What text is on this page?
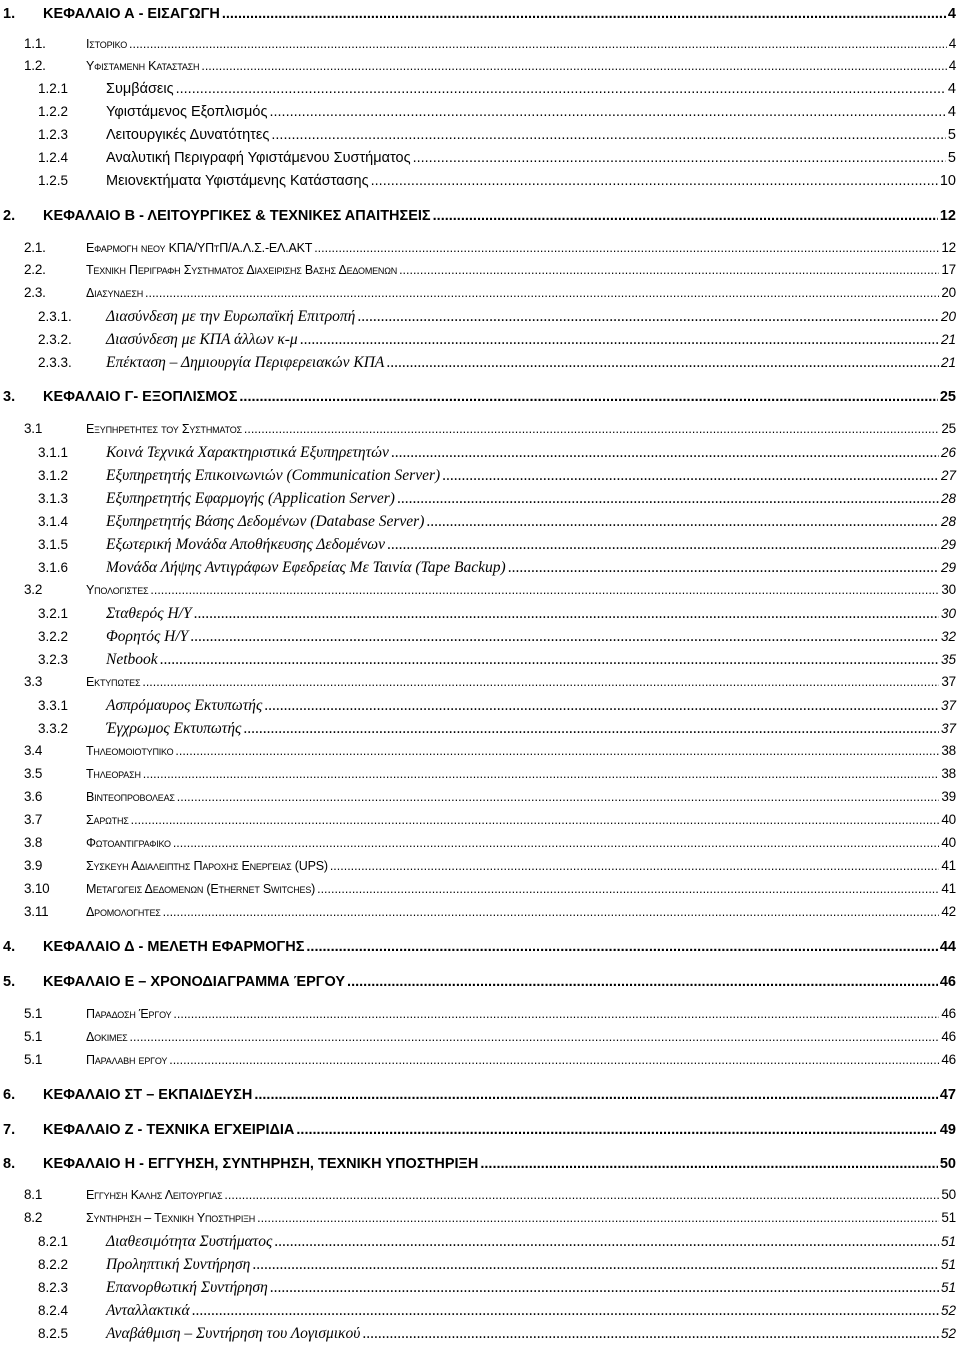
1.	ΚΕΦΑΛΑΙΟ Α - ΕΙΣΑΓΩΓΗ .....	4
1.1.	Ιστορικο .....	4
1.2.	Υφισταμενη Κατασταση .....	4
1.2.1	Συμβάσεις .....	4
1.2.2	Υφιστάμενος Εξοπλισμός .....	4
1.2.3	Λειτουργικές Δυνατότητες .....	5
1.2.4	Αναλυτική Περιγραφή Υφιστάμενου Συστήματος .....	5
1.2.5	Μειονεκτήματα Υφιστάμενης Κατάστασης .....	10
2.	ΚΕΦΑΛΑΙΟ Β - ΛΕΙΤΟΥΡΓΙΚΕΣ & ΤΕΧΝΙΚΕΣ ΑΠΑΙΤΗΣΕΙΣ .....	12
2.1.	Εφαρμογη νεου ΚΠΑ/ΥΠτΠ/Α.Λ.Σ.-ΕΛ.ΑΚΤ .....	12
2.2.	Τεχνικη Περιγραφη Συστηματος Διαχειρισης Βασης Δεδομενων .....	17
2.3.	Διασυνδεση .....	20
2.3.1.	Διασύνδεση με την Ευρωπαϊκή Επιτροπή .....	20
2.3.2.	Διασύνδεση με ΚΠΑ άλλων κ-μ .....	21
2.3.3.	Επέκταση – Δημιουργία Περιφερειακών ΚΠΑ .....	21
3.	ΚΕΦΑΛΑΙΟ Γ- ΕΞΟΠΛΙΣΜΟΣ .....	25
3.1	Εξυπηρετητες του Συστηματος .....	25
3.1.1	Κοινά Τεχνικά Χαρακτηριστικά Εξυπηρετητών .....	26
3.1.2	Εξυπηρετητής Επικοινωνιών (Communication Server) .....	27
3.1.3	Εξυπηρετητής Εφαρμογής (Application Server) .....	28
3.1.4	Εξυπηρετητής Βάσης Δεδομένων (Database Server) .....	28
3.1.5	Εξωτερική Μονάδα Αποθήκευσης Δεδομένων .....	29
3.1.6	Μονάδα Λήψης Αντιγράφων Εφεδρείας Με Ταινία (Tape Backup) .....	29
3.2	Υπολογιστες .....	30
3.2.1	Σταθερός Η/Υ .....	30
3.2.2	Φορητός Η/Υ .....	32
3.2.3	Netbook .....	35
3.3	Εκτυπωτες .....	37
3.3.1	Ασπρόμαυρος Εκτυπωτής .....	37
3.3.2	Έγχρωμος Εκτυπωτής .....	37
3.4	Τηλεομοιοτυπικο .....	38
3.5	Τηλεοραση .....	38
3.6	Βιντεοπροβολεας .....	39
3.7	Σαρωτης .....	40
3.8	Φωτοαντιγραφικο .....	40
3.9	Συσκευη Αδιαλειπτης Παροχης Ενεργειας (UPS) .....	41
3.10	Μεταγωγεις Δεδομενων (Ethernet Switches) .....	41
3.11	Δρομολογητες .....	42
4.	ΚΕΦΑΛΑΙΟ Δ - ΜΕΛΕΤΗ ΕΦΑΡΜΟΓΗΣ .....	44
5.	ΚΕΦΑΛΑΙΟ Ε – ΧΡΟΝΟΔΙΑΓΡΑΜΜΑ ΈΡΓΟΥ .....	46
5.1	Παραδοση Έργου .....	46
5.1	Δοκιμες .....	46
5.1	Παραλαβη εργου .....	46
6.	ΚΕΦΑΛΑΙΟ ΣΤ – ΕΚΠΑΙΔΕΥΣΗ .....	47
7.	ΚΕΦΑΛΑΙΟ Ζ - ΤΕΧΝΙΚΑ ΕΓΧΕΙΡΙΔΙΑ .....	49
8.	ΚΕΦΑΛΑΙΟ Η - ΕΓΓΥΗΣΗ, ΣΥΝΤΗΡΗΣΗ, ΤΕΧΝΙΚΗ ΥΠΟΣΤΗΡΙΞΗ .....	50
8.1	Εγγυηση Καλης Λειτουργιας .....	50
8.2	Συντηρηση – Τεχνικη Υποστηριξη .....	51
8.2.1	Διαθεσιμότητα Συστήματος .....	51
8.2.2	Προληπτική Συντήρηση .....	51
8.2.3	Επανορθωτική Συντήρηση .....	51
8.2.4	Ανταλλακτικά .....	52
8.2.5	Αναβάθμιση – Συντήρηση του Λογισμικού .....	52
